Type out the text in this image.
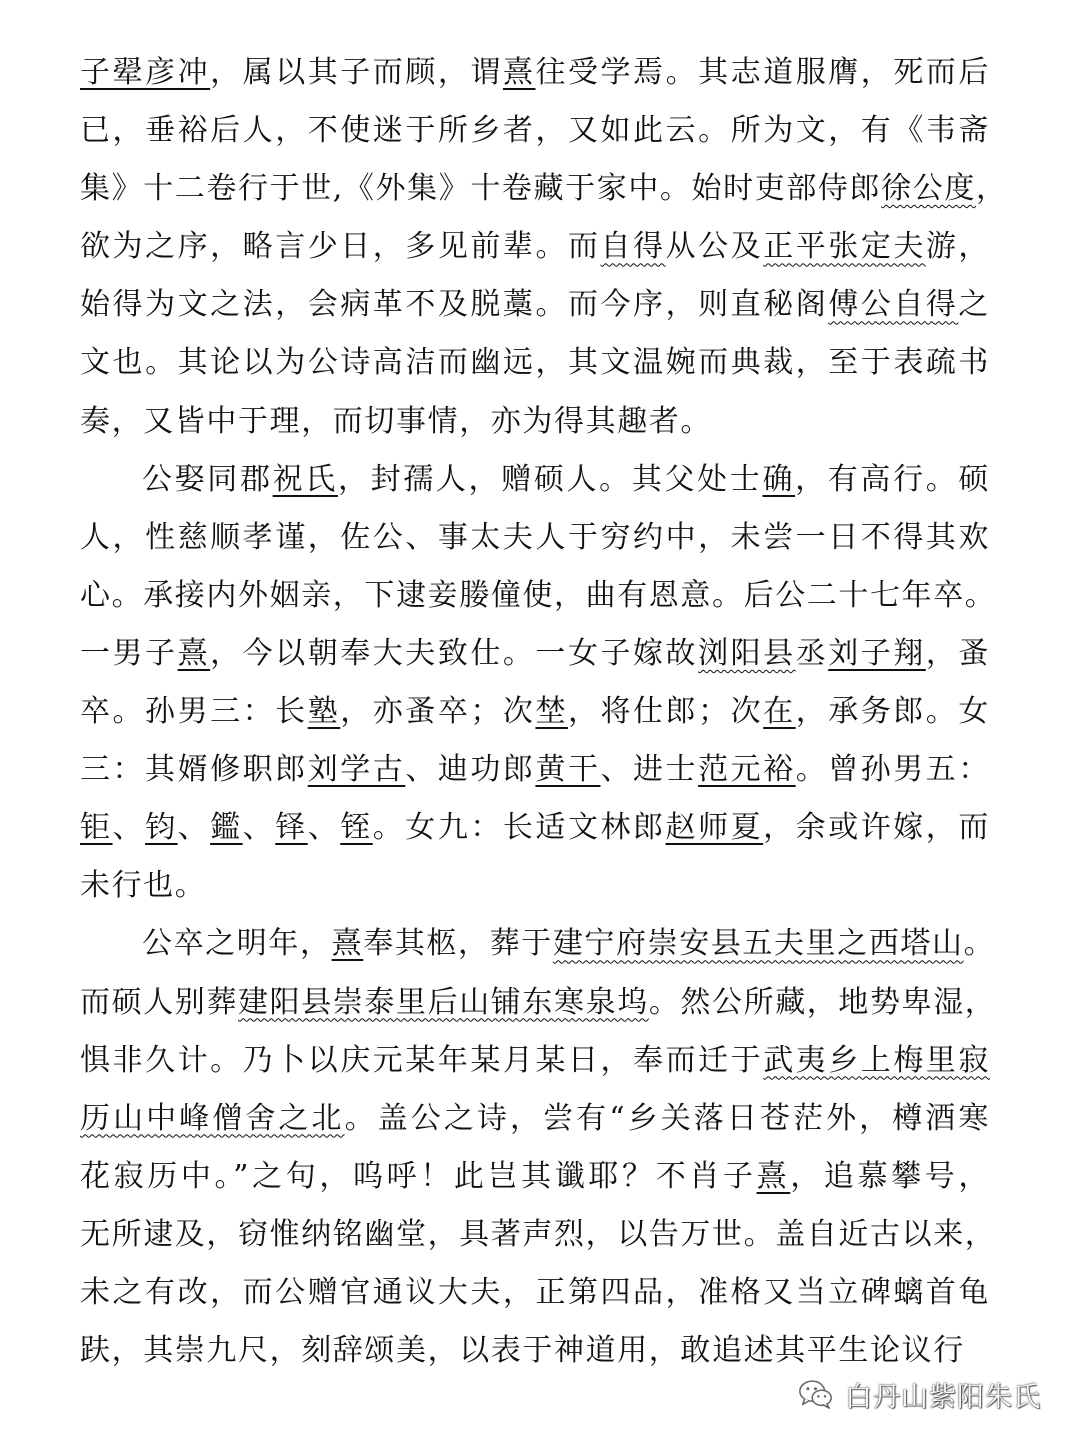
子翚彦冲，属以其子而顾，谓熹往受学焉。其志道服膺，死而后
已，垂裕后人，不使迷于所乡者，又如此云。所为文，有《韦斋
集》十二卷行于世,《外集》十卷藏于家中。始时吏部侍郎徐公度，
欲为之序，略言少日，多见前辈。而自得从公及正平张定夫游，
始得为文之法，会病革不及脱藁。而今序，则直秘阁傅公自得之
文也。其论以为公诗高洁而幽远，其文温婉而典裁，至于表疏书
奏，又皆中于理，而切事情，亦为得其趣者。
公娶同郡祝氏，封孺人，赠硕人。其父处士确，有高行。硕
人，性慈顺孝谨，佐公、事太夫人于穷约中，未尝一日不得其欢
心。承接内外姻亲，下逮妾媵僮使，曲有恩意。后公二十七年卒。
一男子熹，今以朝奉大夫致仕。一女子嫁故浏阳县丞刘子翔，蚤
卒。孙男三：长塾，亦蚤卒；次埜，将仕郎；次在，承务郎。女
三：其婿修职郎刘学古、迪功郎黄干、进士范元裕。曾孙男五：
钜、钧、鑑、铎、铚。女九：长适文林郎赵师夏，余或许嫁，而
未行也。
公卒之明年，熹奉其柩，葬于建宁府崇安县五夫里之西塔山。
而硕人别葬建阳县崇泰里后山铺东寒泉坞。然公所藏，地势卑湿，
惧非久计。乃卜以庆元某年某月某日，奉而迁于武夷乡上梅里寂
历山中峰僧舍之北。盖公之诗，尝有“乡关落日苍茫外，樽酒寒
花寂历中。”之句，呜呼！此岂其谶耶？不肖子熹，追慕攀号，
无所逮及，窃惟纳铭幽堂，具著声烈，以告万世。盖自近古以来，
未之有改，而公赠官通议大夫，正第四品，准格又当立碑螭首龟
趺，其崇九尺，刻辞颂美，以表于神道用，敢追述其平生论议行
白丹山紫阳朱氏
